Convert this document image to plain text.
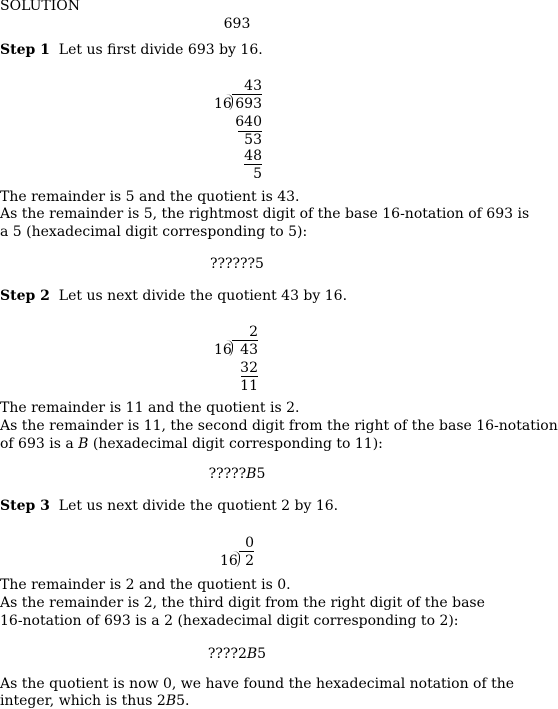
SOLUTION
693
Step 1 Let us first divide 693 by 16.
43
16 693
640
53
48
5
The remainder is 5 and the quotient is 43.
As the remainder is 5, the rightmost digit of the base 16-notation of 693 is
a 5 (hexadecimal digit corresponding to 5):
??????5
Step 2 Let us next divide the quotient 43 by 16.
2
16 43
32
11
The remainder is 11 and the quotient is 2.
As the remainder is 11, the second digit from the right of the base 16-notation
of 693 is a B (hexadecimal digit corresponding to 11):
?????B5
Step 3 Let us next divide the quotient 2 by 16.
0
16 2
The remainder is 2 and the quotient is 0.
As the remainder is 2, the third digit from the right digit of the base
16-notation of 693 is a 2 (hexadecimal digit corresponding to 2):
????2B5
As the quotient is now 0, we have found the hexadecimal notation of the
integer, which is thus 2B5.
